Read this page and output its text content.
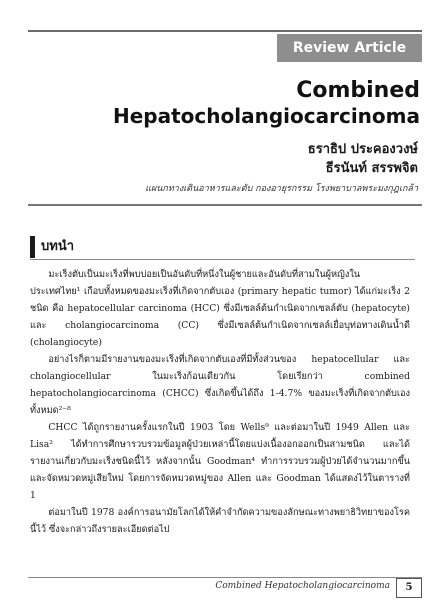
Review Article
Combined
Hepatocholangiocarcinoma
ธราธิป ประคองวงษ์
ธีรนันท์ สรรพจิต
แผนกทางเดินอาหารและตับ กองอายุรกรรม โรงพยาบาลพระมงกุฎเกล้า
บทนำ

มะเร็งตับเป็นมะเร็งที่พบบ่อยเป็นอันดับที่หนึ่งในผู้ชายและอันดับที่สามในผู้หญิงในประเทศไทย¹ เกือบทั้งหมดของมะเร็งที่เกิดจากตับเอง (primary hepatic tumor) ได้แก่มะเร็ง 2 ชนิด คือ hepatocellular carcinoma (HCC) ซึ่งมีเซลล์ต้นกำเนิดจากเซลล์ตับ (hepatocyte) และ cholangiocarcinoma (CC) ซึ่งมีเซลล์ต้นกำเนิดจากเซลล์เยื่อบุท่อทางเดินน้ำดี (cholangiocyte)

อย่างไรก็ตามมีรายงานของมะเร็งที่เกิดจากตับเองที่มีทั้งส่วนของ hepatocellular และ cholangiocellular ในมะเร็งก้อนเดียวกัน โดยเรียกว่า combined hepatocholangiocarcinoma (CHCC) ซึ่งเกิดขึ้นได้ถึง 1-4.7% ของมะเร็งที่เกิดจากตับเองทั้งหมด²⁻⁸

CHCC ได้ถูกรายงานครั้งแรกในปี 1903 โดย Wells⁹ และต่อมาในปี 1949 Allen และ Lisa² ได้ทำการศึกษารวบรวมข้อมูลผู้ป่วยเหล่านี้โดยแบ่งเนื้องอกออกเป็นสามชนิด และได้รายงานเกี่ยวกับมะเร็งชนิดนี้ไว้ หลังจากนั้น Goodman⁴ ทำการรวบรวมผู้ป่วยได้จำนวนมากขึ้นและจัดหมวดหมู่เสียใหม่ โดยการจัดหมวดหมู่ของ Allen และ Goodman ได้แสดงไว้ในตารางที่ 1

ต่อมาในปี 1978 องค์การอนามัยโลกได้ให้คำจำกัดความของลักษณะทางพยาธิวิทยาของโรคนี้ไว้ ซึ่งจะกล่าวถึงรายละเอียดต่อไป

Combined Hepatocholangiocarcinoma	5
